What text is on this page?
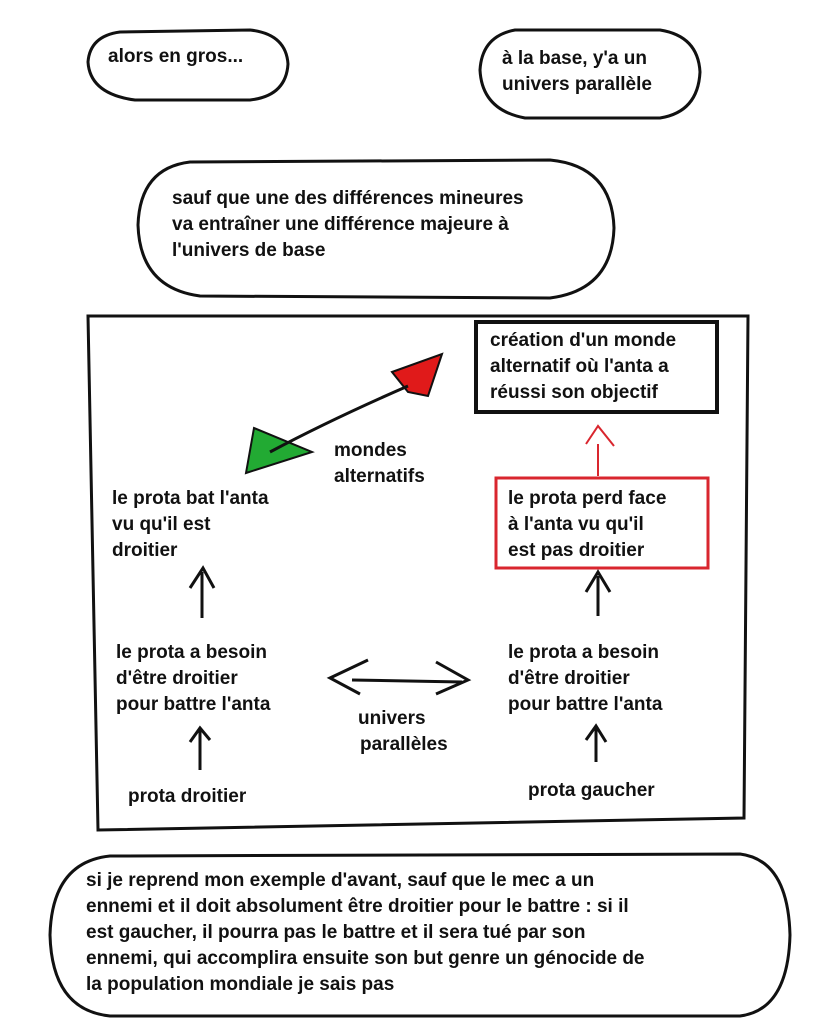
alors en gros...	à la base, y'a un
univers parallèle
sauf que une des différences mineures
va entraîner une différence majeure à
l'univers de base
création d'un monde
alternatif où l'anta a
réussi son objectif
mondes
alternatifs
le prota bat l'anta
vu qu'il est
droitier
le prota perd face
à l'anta vu qu'il
est pas droitier
le prota a besoin
d'être droitier
pour battre l'anta
le prota a besoin
d'être droitier
pour battre l'anta
univers
parallèles
prota droitier	prota gaucher
si je reprend mon exemple d'avant, sauf que le mec a un
ennemi et il doit absolument être droitier pour le battre : si il
est gaucher, il pourra pas le battre et il sera tué par son
ennemi, qui accomplira ensuite son but genre un génocide de
la population mondiale je sais pas
